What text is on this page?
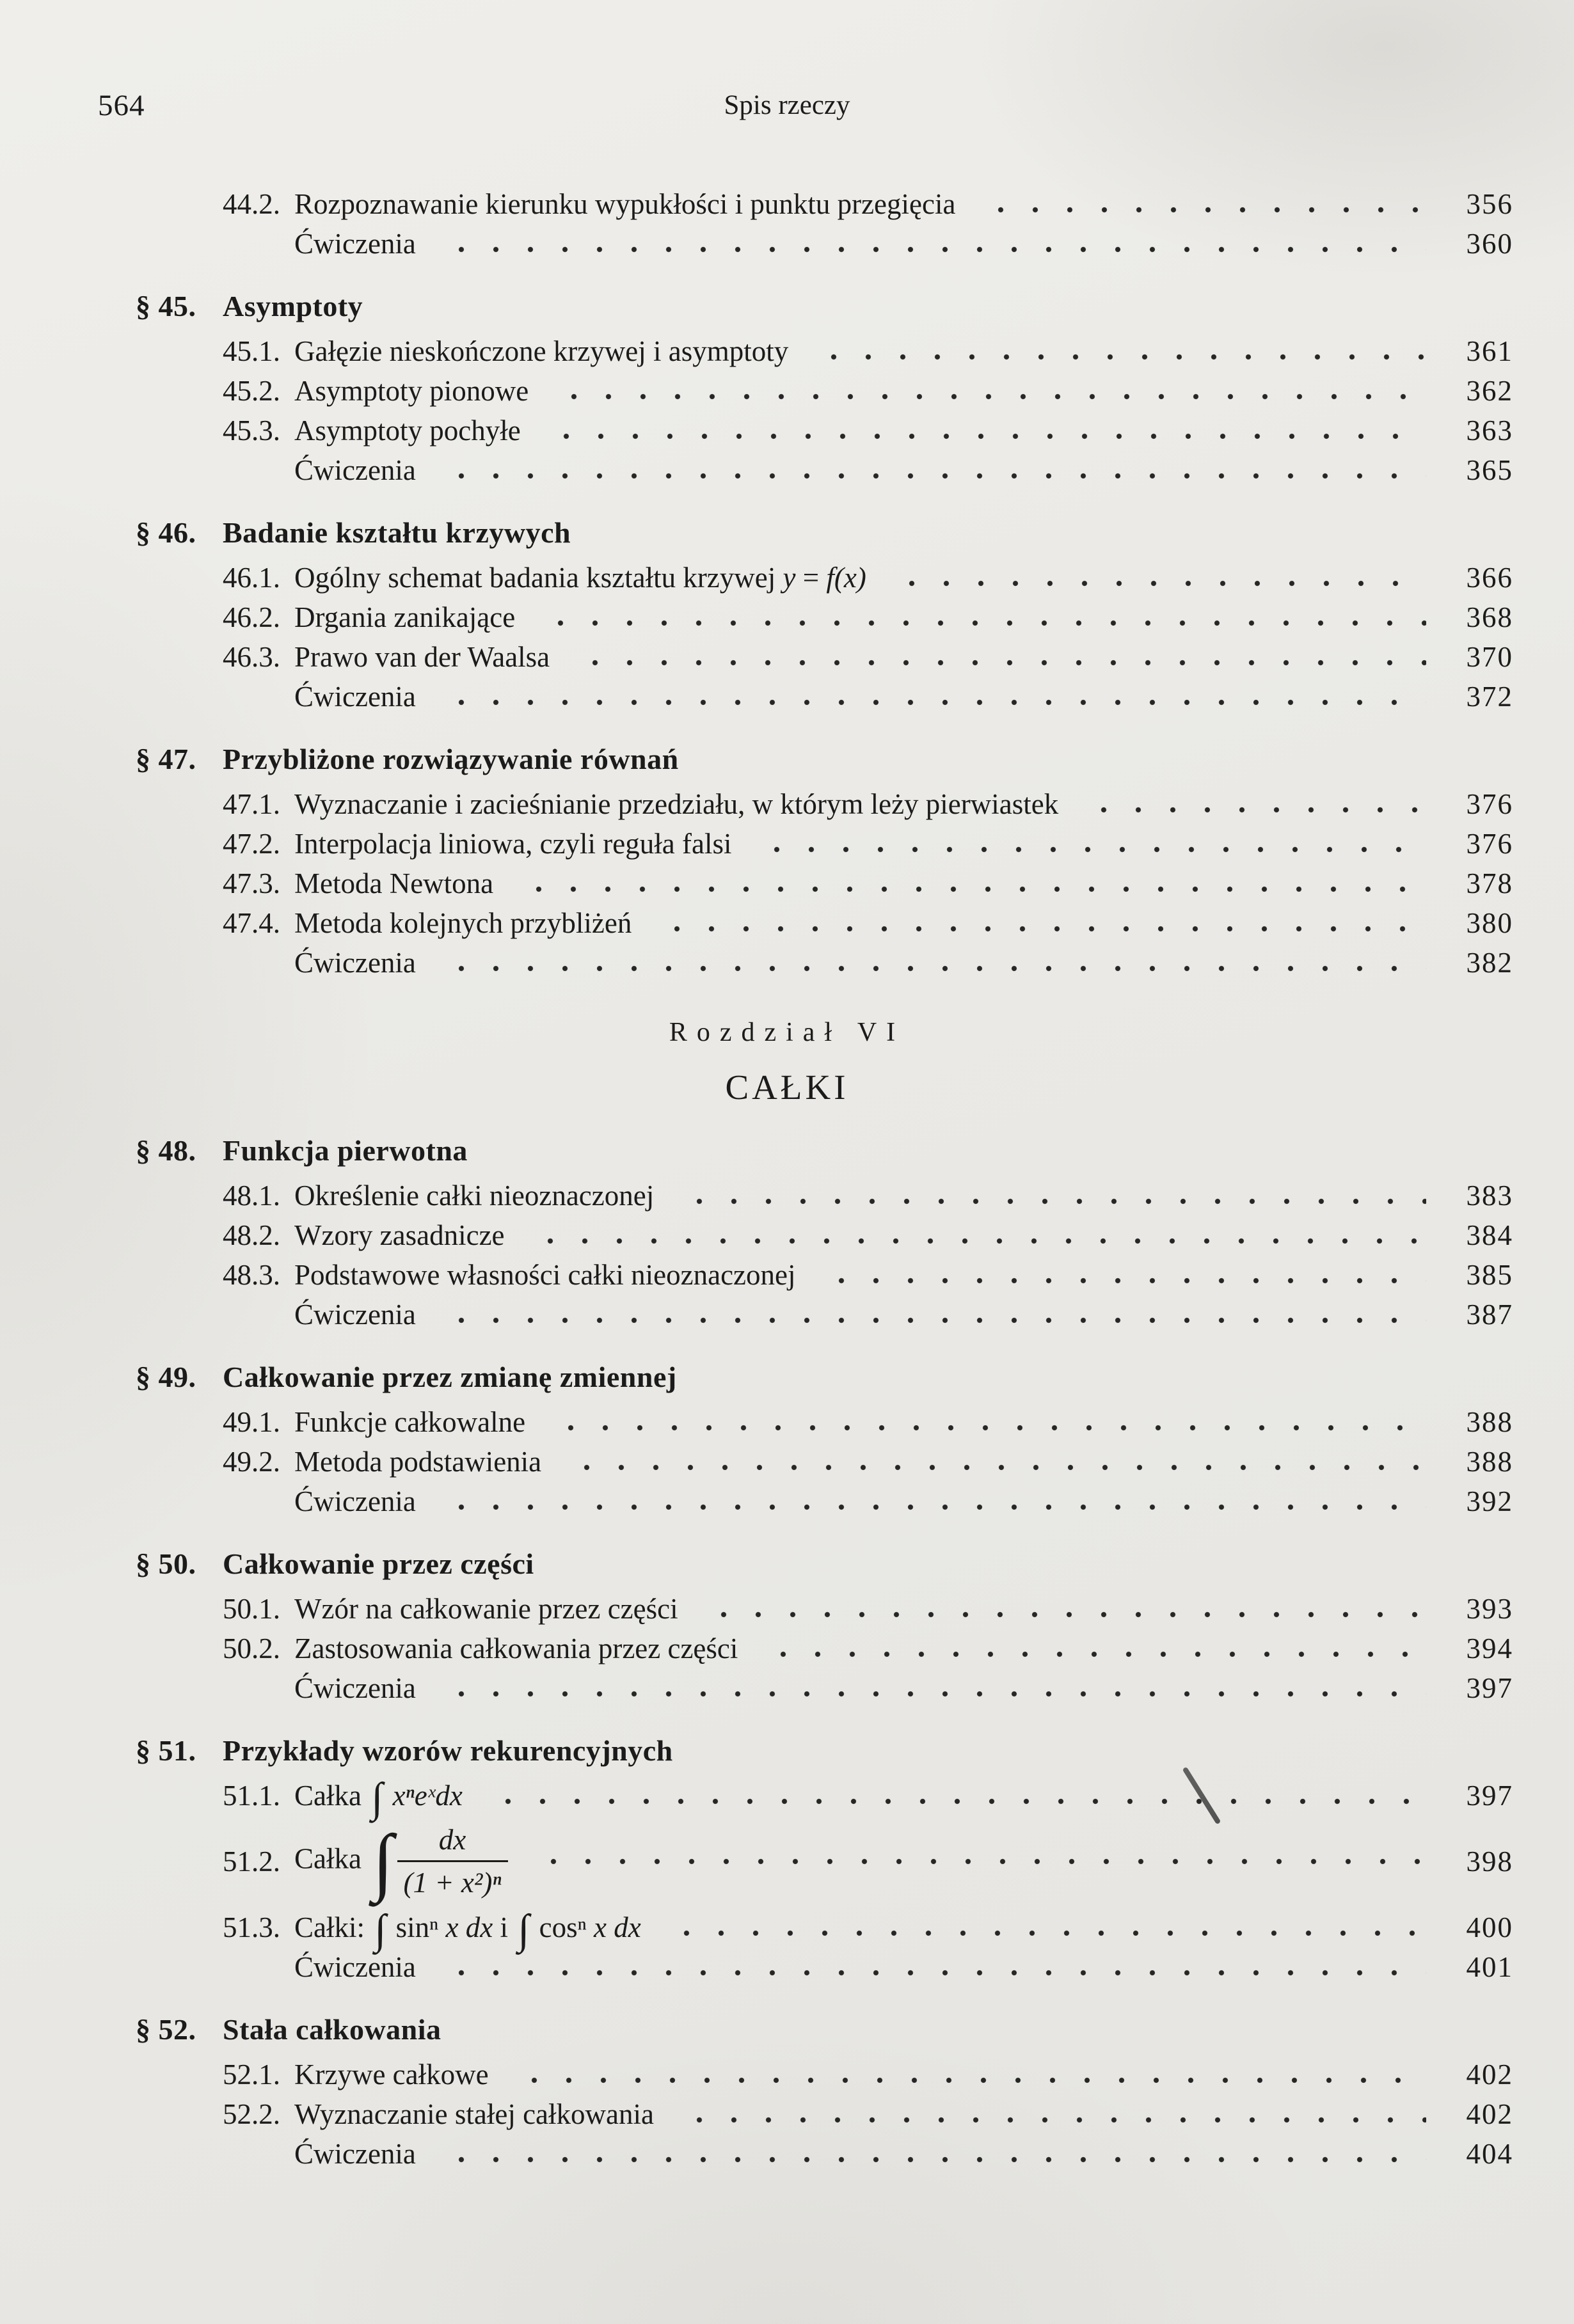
564	Spis rzeczy
44.2. Rozpoznawanie kierunku wypukłości i punktu przegięcia	356
Ćwiczenia	360
§ 45. Asymptoty
45.1. Gałęzie nieskończone krzywej i asymptoty	361
45.2. Asymptoty pionowe	362
45.3. Asymptoty pochyłe	363
Ćwiczenia	365
§ 46. Badanie kształtu krzywych
46.1. Ogólny schemat badania kształtu krzywej y = f(x)	366
46.2. Drgania zanikające	368
46.3. Prawo van der Waalsa	370
Ćwiczenia	372
§ 47. Przybliżone rozwiązywanie równań
47.1. Wyznaczanie i zacieśnianie przedziału, w którym leży pierwiastek	376
47.2. Interpolacja liniowa, czyli reguła falsi	376
47.3. Metoda Newtona	378
47.4. Metoda kolejnych przybliżeń	380
Ćwiczenia	382
Rozdział VI
CAŁKI
§ 48. Funkcja pierwotna
48.1. Określenie całki nieoznaczonej	383
48.2. Wzory zasadnicze	384
48.3. Podstawowe własności całki nieoznaczonej	385
Ćwiczenia	387
§ 49. Całkowanie przez zmianę zmiennej
49.1. Funkcje całkowalne	388
49.2. Metoda podstawienia	388
Ćwiczenia	392
§ 50. Całkowanie przez części
50.1. Wzór na całkowanie przez części	393
50.2. Zastosowania całkowania przez części	394
Ćwiczenia	397
§ 51. Przykłady wzorów rekurencyjnych
51.1. Całka ∫ xⁿeˣdx	397
51.2. Całka ∫ $\frac{dx}{\text{(1 + x²)ⁿ}}$	398
51.3. Całki: ∫ sinⁿ x dx i ∫ cosⁿ x dx	400
Ćwiczenia	401
§ 52. Stała całkowania
52.1. Krzywe całkowe	402
52.2. Wyznaczanie stałej całkowania	402
Ćwiczenia	404
